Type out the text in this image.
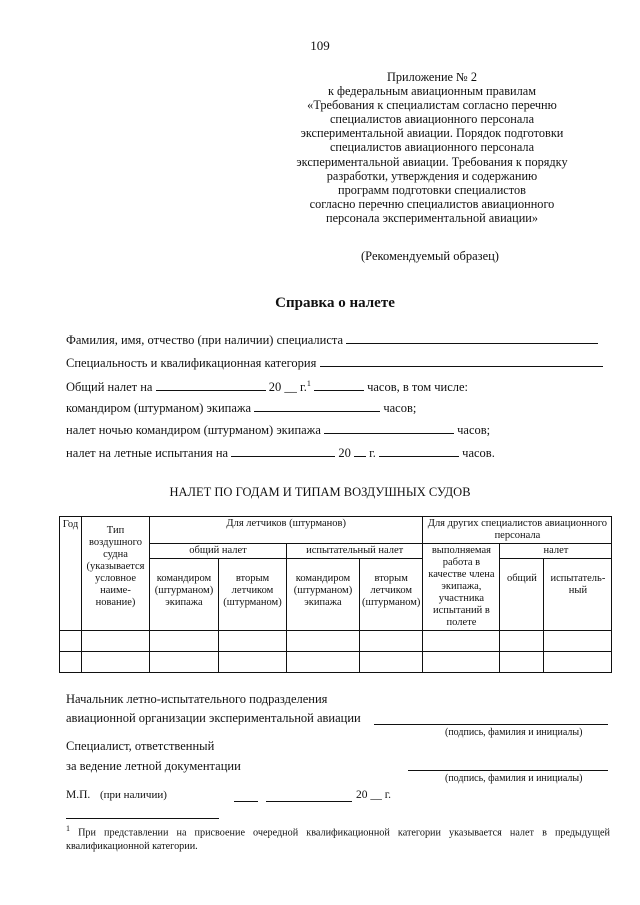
109
Приложение № 2
к федеральным авиационным правилам
«Требования к специалистам согласно перечню
специалистов авиационного персонала
экспериментальной авиации. Порядок подготовки
специалистов авиационного персонала
экспериментальной авиации. Требования к порядку
разработки, утверждения и содержанию
программ подготовки специалистов
согласно перечню специалистов авиационного
персонала экспериментальной авиации»
(Рекомендуемый образец)
Справка о налете
Фамилия, имя, отчество (при наличии) специалиста
Специальность и квалификационная категория
Общий налет на	20 __ г.$^1$	часов, в том числе:
командиром (штурманом) экипажа	часов;
налет ночью командиром (штурманом) экипажа	часов;
налет на летные испытания на	20 г.	часов.
НАЛЕТ ПО ГОДАМ И ТИПАМ ВОЗДУШНЫХ СУДОВ
Год	Тип воздушного судна (указывается условное наиме-нование)	Для летчиков (штурманов)				Для других специалистов авиационного персонала		
		общий налет		испытательный налет		выполняемая работа в качестве члена экипажа, участника испытаний в полете	налет	
		командиром (штурманом) экипажа	вторым летчиком (штурманом)	командиром (штурманом) экипажа	вторым летчиком (штурманом)		общий	испытатель-ный

Начальник летно-испытательного подразделения
авиационной организации экспериментальной авиации
(подпись, фамилия и инициалы)
Специалист, ответственный
за ведение летной документации
(подпись, фамилия и инициалы)
М.П. (при наличии)	20 __ г.
$^1$ При представлении на присвоение очередной квалификационной категории указывается налет в предыдущей квалификационной категории.
